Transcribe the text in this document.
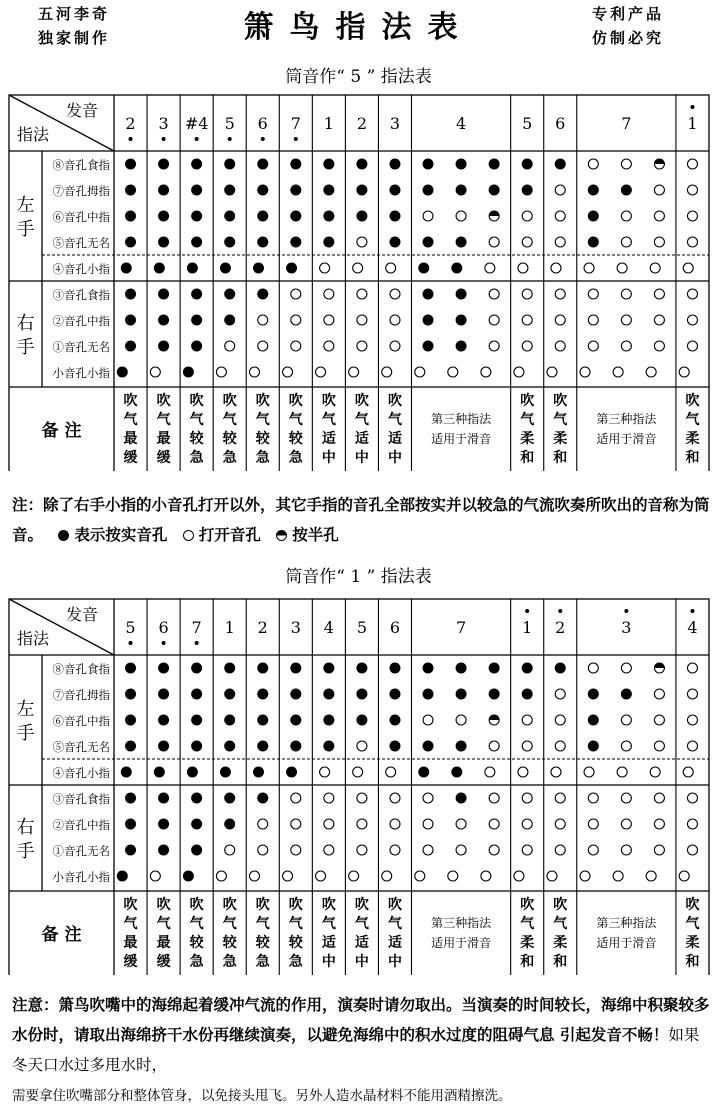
五河李奇
独家制作	箫鸟指法表	专利产品
仿制必究
筒音作“ 5 ” 指法表
发音
指法
左
手
右
手
⑧音孔食指
⑦音孔拇指
⑥音孔中指
⑤音孔无名
④音孔小指
③音孔食指
②音孔中指
①音孔无名
小音孔小指
备 注
2
吹
气
最
缓
3
吹
气
最
缓
#4
吹
气
较
急
5
吹
气
较
急
6
吹
气
较
急
7
吹
气
较
急
1
吹
气
适
中
2
吹
气
适
中
3
吹
气
适
中
4
第三种指法
适用于滑音
5
吹
气
柔
和
6
吹
气
柔
和
7
第三种指法
适用于滑音
1
吹
气
柔
和
注：除了右手小指的小音孔打开以外，其它手指的音孔全部按实并以较急的气流吹奏所吹出的音称为筒音。 表示按实音孔 打开音孔 按半孔
筒音作“ 1 ” 指法表
发音
指法
左
手
右
手
⑧音孔食指
⑦音孔拇指
⑥音孔中指
⑤音孔无名
④音孔小指
③音孔食指
②音孔中指
①音孔无名
小音孔小指
备 注
5
吹
气
最
缓
6
吹
气
最
缓
7
吹
气
较
急
1
吹
气
较
急
2
吹
气
较
急
3
吹
气
较
急
4
吹
气
适
中
5
吹
气
适
中
6
吹
气
适
中
7
第三种指法
适用于滑音
1
吹
气
柔
和
2
吹
气
柔
和
3
第三种指法
适用于滑音
4
吹
气
柔
和
注意：箫鸟吹嘴中的海绵起着缓冲气流的作用，演奏时请勿取出。当演奏的时间较长，海绵中积聚较多水份时，请取出海绵挤干水份再继续演奏，以避免海绵中的积水过度的阻碍气息 引起发音不畅！如果冬天口水过多甩水时，
需要拿住吹嘴部分和整体管身，以免接头甩飞。另外人造水晶材料不能用酒精擦洗。
